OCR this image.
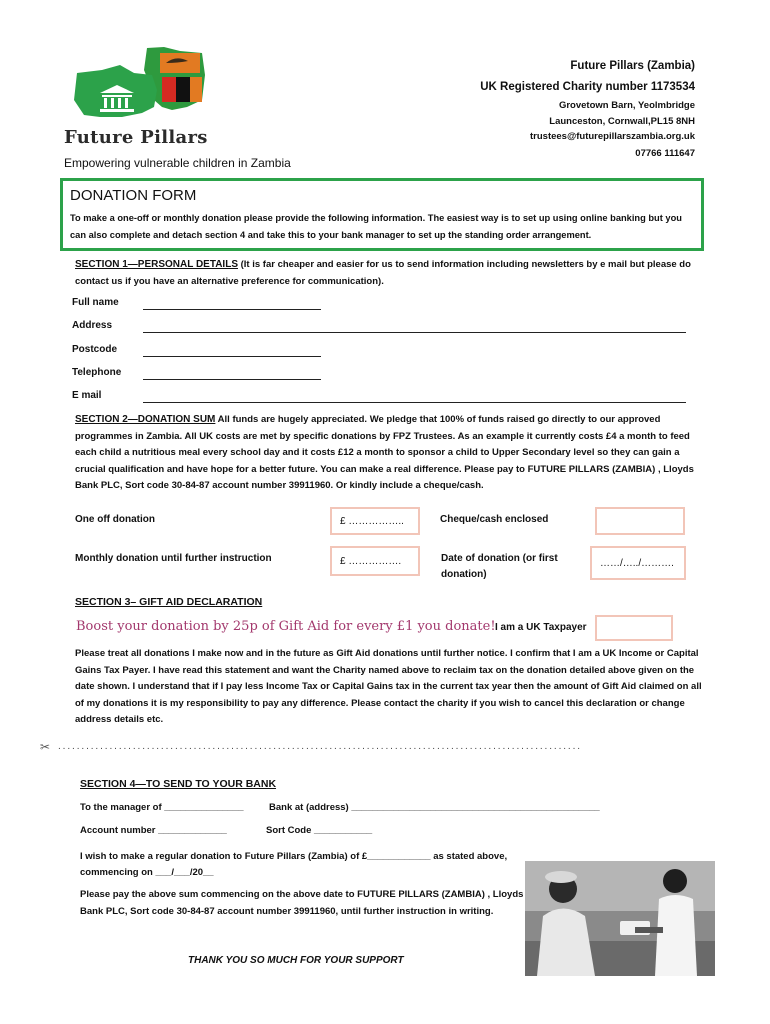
Future Pillars
Empowering vulnerable children in Zambia
Future Pillars (Zambia)
UK Registered Charity number 1173534
Grovetown Barn, Yeolmbridge
Launceston, Cornwall,PL15 8NH
trustees@futurepillarszambia.org.uk
07766 111647
DONATION FORM
To make a one-off or monthly donation please provide the following information. The easiest way is to set up using online banking but you can also complete and detach section 4 and take this to your bank manager to set up the standing order arrangement.
SECTION 1—PERSONAL DETAILS (It is far cheaper and easier for us to send information including newsletters by e mail but please do contact us if you have an alternative preference for communication).
Full name
Address
Postcode
Telephone
E mail
SECTION 2—DONATION SUM All funds are hugely appreciated. We pledge that 100% of funds raised go directly to our approved programmes in Zambia. All UK costs are met by specific donations by FPZ Trustees. As an example it currently costs £4 a month to feed each child a nutritious meal every school day and it costs £12 a month to sponsor a child to Upper Secondary level so they can gain a crucial qualification and have hope for a better future. You can make a real difference. Please pay to FUTURE PILLARS (ZAMBIA) , Lloyds Bank PLC, Sort code 30-84-87 account number 39911960. Or kindly include a cheque/cash.
One off donation	£ ……………..	Cheque/cash enclosed
Monthly donation until further instruction	£ …………….	Date of donation (or first donation)
……/…../……….
SECTION 3– GIFT AID DECLARATION
Boost your donation by 25p of Gift Aid for every £1 you donate! I am a UK Taxpayer
Please treat all donations I make now and in the future as Gift Aid donations until further notice. I confirm that I am a UK Income or Capital Gains Tax Payer. I have read this statement and want the Charity named above to reclaim tax on the donation detailed above given on the date shown. I understand that if I pay less Income Tax or Capital Gains tax in the current tax year then the amount of Gift Aid claimed on all of my donations it is my responsibility to pay any difference. Please contact the charity if you wish to cancel this declaration or change address details etc.
✂ ................................................................................................................
SECTION 4—TO SEND TO YOUR BANK
To the manager of _______________	Bank at (address) _______________________________________________
Account number _____________	Sort Code ___________
I wish to make a regular donation to Future Pillars (Zambia) of £____________ as stated above, commencing on ___/___/20__
Please pay the above sum commencing on the above date to FUTURE PILLARS (ZAMBIA) , Lloyds Bank PLC, Sort code 30-84-87 account number 39911960, until further instruction in writing.
THANK YOU SO MUCH FOR YOUR SUPPORT
